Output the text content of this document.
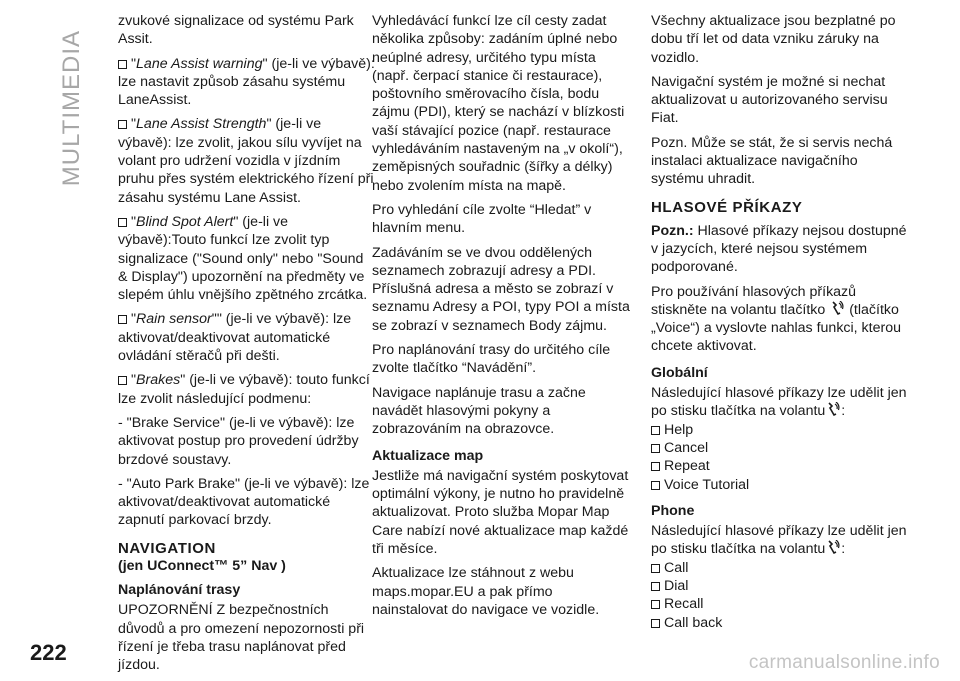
MULTIMEDIA

zvukové signalizace od systému Park Assit.

"Lane Assist warning" (je-li ve výbavě): lze nastavit způsob zásahu systému LaneAssist.

"Lane Assist Strength" (je-li ve výbavě): lze zvolit, jakou sílu vyvíjet na volant pro udržení vozidla v jízdním pruhu přes systém elektrického řízení při zásahu systému Lane Assist.

"Blind Spot Alert" (je-li ve výbavě):Touto funkcí lze zvolit typ signalizace ("Sound only" nebo "Sound & Display") upozornění na předměty ve slepém úhlu vnějšího zpětného zrcátka.

"Rain sensor"" (je-li ve výbavě): lze aktivovat/deaktivovat automatické ovládání stěračů při dešti.

"Brakes" (je-li ve výbavě): touto funkcí lze zvolit následující podmenu:

- "Brake Service" (je-li ve výbavě): lze aktivovat postup pro provedení údržby brzdové soustavy.

- "Auto Park Brake" (je-li ve výbavě): lze aktivovat/deaktivovat automatické zapnutí parkovací brzdy.

NAVIGATION

(jen UConnect™ 5” Nav )

Naplánování trasy

UPOZORNĚNÍ Z bezpečnostních důvodů a pro omezení nepozornosti při řízení je třeba trasu naplánovat před jízdou.

Vyhledávácí funkcí lze cíl cesty zadat několika způsoby: zadáním úplné nebo neúplné adresy, určitého typu místa (např. čerpací stanice či restaurace), poštovního směrovacího čísla, bodu zájmu (PDI), který se nachází v blízkosti vaší stávající pozice (např. restaurace vyhledáváním nastaveným na „v okolí“), zeměpisných souřadnic (šířky a délky) nebo zvolením místa na mapě.

Pro vyhledání cíle zvolte “Hledat” v hlavním menu.

Zadáváním se ve dvou oddělených seznamech zobrazují adresy a PDI. Příslušná adresa a město se zobrazí v seznamu Adresy a POI, typy POI a místa se zobrazí v seznamech Body zájmu.

Pro naplánování trasy do určitého cíle zvolte tlačítko “Navádění”.

Navigace naplánuje trasu a začne navádět hlasovými pokyny a zobrazováním na obrazovce.

Aktualizace map

Jestliže má navigační systém poskytovat optimální výkony, je nutno ho pravidelně aktualizovat. Proto služba Mopar Map Care nabízí nové aktualizace map každé tři měsíce.

Aktualizace lze stáhnout z webu maps.mopar.EU a pak přímo nainstalovat do navigace ve vozidle.

Všechny aktualizace jsou bezplatné po dobu tří let od data vzniku záruky na vozidlo.

Navigační systém je možné si nechat aktualizovat u autorizovaného servisu Fiat.

Pozn. Může se stát, že si servis nechá instalaci aktualizace navigačního systému uhradit.

HLASOVÉ PŘÍKAZY

Pozn.: Hlasové příkazy nejsou dostupné v jazycích, které nejsou systémem podporované.

Pro používání hlasových příkazů stiskněte na volantu tlačítko (tlačítko „Voice“) a vyslovte nahlas funkci, kterou chcete aktivovat.

Globální

Následující hlasové příkazy lze udělit jen po stisku tlačítka na volantu :

Help
Cancel
Repeat
Voice Tutorial
Phone

Následující hlasové příkazy lze udělit jen po stisku tlačítka na volantu :

Call
Dial
Recall
Call back
222	carmanualsonline.info
